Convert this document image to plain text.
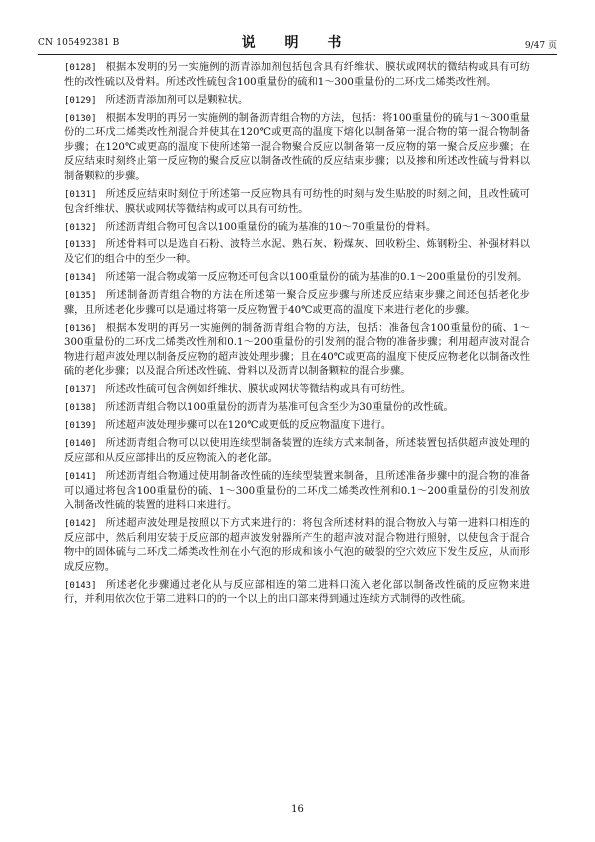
CN 105492381 B	说 明 书	9/47 页

[0128] 根据本发明的另一实施例的沥青添加剂包括包含具有纤维状、膜状或网状的微结构或具有可纺性的改性硫以及骨料。所述改性硫包含100重量份的硫和1～300重量份的二环戊二烯类改性剂。

[0129] 所述沥青添加剂可以是颗粒状。

[0130] 根据本发明的再另一实施例的制备沥青组合物的方法，包括：将100重量份的硫与1～300重量份的二环戊二烯类改性剂混合并使其在120℃或更高的温度下熔化以制备第一混合物的第一混合物制备步骤；在120℃或更高的温度下使所述第一混合物聚合反应以制备第一反应物的第一聚合反应步骤；在反应结束时刻终止第一反应物的聚合反应以制备改性硫的反应结束步骤；以及掺和所述改性硫与骨料以制备颗粒的步骤。

[0131] 所述反应结束时刻位于所述第一反应物具有可纺性的时刻与发生贴胶的时刻之间，且改性硫可包含纤维状、膜状或网状等微结构或可以具有可纺性。

[0132] 所述沥青组合物可包含以100重量份的硫为基准的10～70重量份的骨料。

[0133] 所述骨料可以是选自石粉、波特兰水泥、熟石灰、粉煤灰、回收粉尘、炼钢粉尘、补强材料以及它们的组合中的至少一种。

[0134] 所述第一混合物或第一反应物还可包含以100重量份的硫为基准的0.1～200重量份的引发剂。

[0135] 所述制备沥青组合物的方法在所述第一聚合反应步骤与所述反应结束步骤之间还包括老化步骤，且所述老化步骤可以是通过将第一反应物置于40℃或更高的温度下来进行老化的步骤。

[0136] 根据本发明的再另一实施例的制备沥青组合物的方法，包括：准备包含100重量份的硫、1～300重量份的二环戊二烯类改性剂和0.1～200重量份的引发剂的混合物的准备步骤；利用超声波对混合物进行超声波处理以制备反应物的超声波处理步骤；且在40℃或更高的温度下使反应物老化以制备改性硫的老化步骤；以及混合所述改性硫、骨料以及沥青以制备颗粒的混合步骤。

[0137] 所述改性硫可包含例如纤维状、膜状或网状等微结构或具有可纺性。

[0138] 所述沥青组合物以100重量份的沥青为基准可包含至少为30重量份的改性硫。

[0139] 所述超声波处理步骤可以在120℃或更低的反应物温度下进行。

[0140] 所述沥青组合物可以以使用连续型制备装置的连续方式来制备，所述装置包括供超声波处理的反应部和从反应部排出的反应物流入的老化部。

[0141] 所述沥青组合物通过使用制备改性硫的连续型装置来制备，且所述准备步骤中的混合物的准备可以通过将包含100重量份的硫、1～300重量份的二环戊二烯类改性剂和0.1～200重量份的引发剂放入制备改性硫的装置的进料口来进行。

[0142] 所述超声波处理是按照以下方式来进行的：将包含所述材料的混合物放入与第一进料口相连的反应部中，然后利用安装于反应部的超声波发射器所产生的超声波对混合物进行照射，以使包含于混合物中的固体硫与二环戊二烯类改性剂在小气泡的形成和该小气泡的破裂的空穴效应下发生反应，从而形成反应物。

[0143] 所述老化步骤通过老化从与反应部相连的第二进料口流入老化部以制备改性硫的反应物来进行，并利用依次位于第二进料口的的一个以上的出口部来得到通过连续方式制得的改性硫。

16
